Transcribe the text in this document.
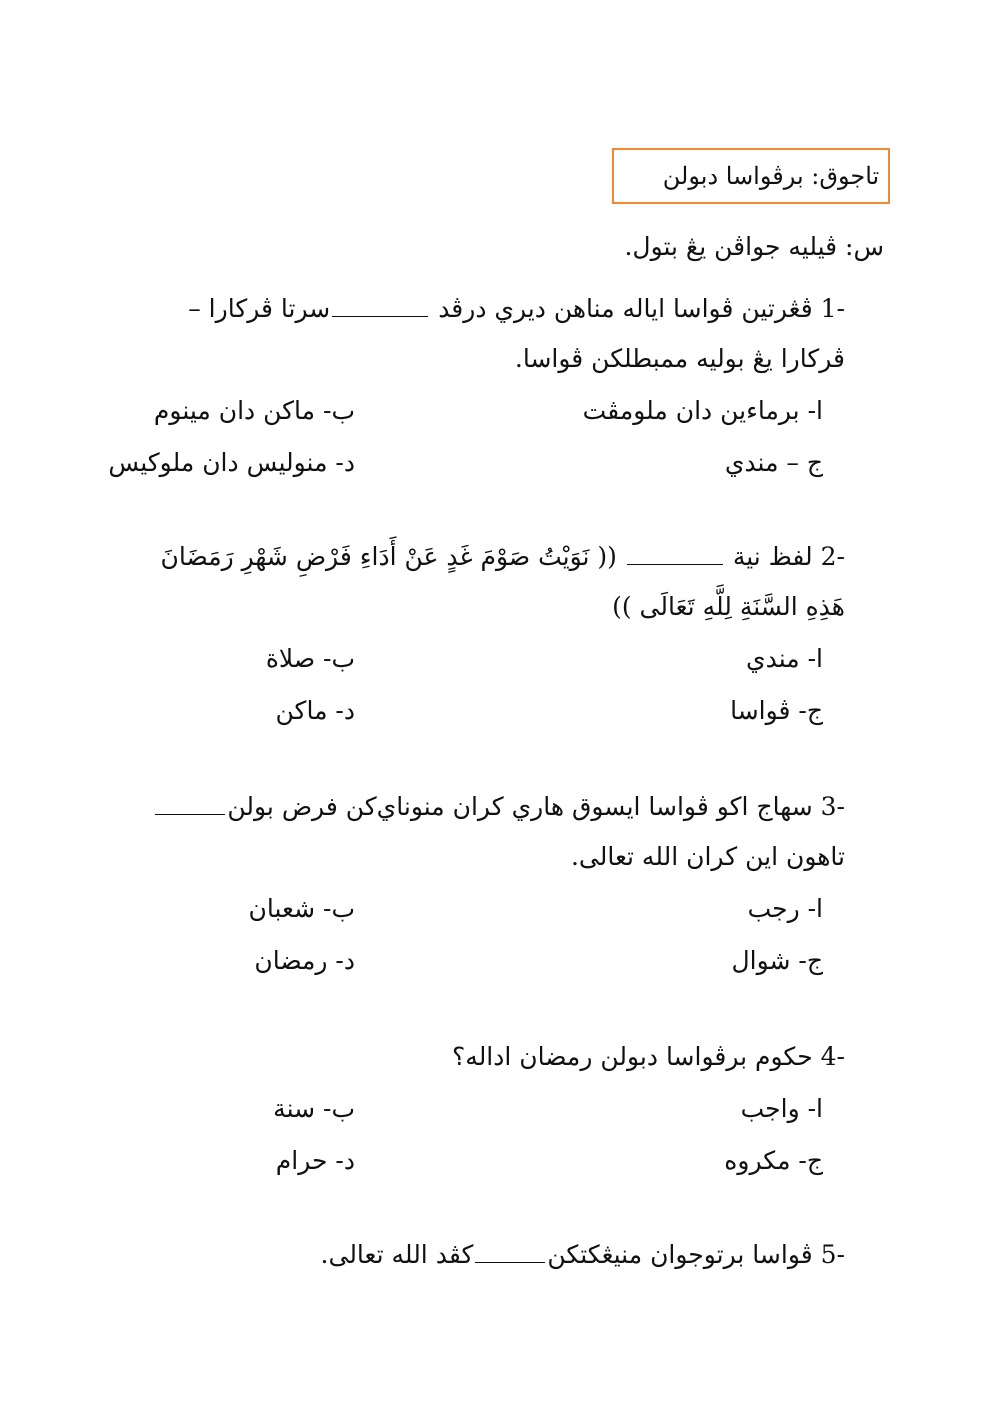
تاجوق: برڤواسا دبولن
س: ڤيليه جواڤن يڠ بتول.
-1 ڤڠرتين ڤواسا اياله مناهن ديري درڤد سرتا ڤركارا – ڤركارا يڠ بوليه ممبطلكن ڤواسا.
ا- برماءين دان ملومڤت
ب- ماكن دان مينوم
ج – مندي
د- منوليس دان ملوكيس
-2 لفظ نية  (( نَوَيْتُ صَوْمَ غَدٍ عَنْ أَدَاءِ فَرْضِ شَهْرِ رَمَضَانَ هَذِهِ السَّنَةِ لِلَّهِ تَعَالَى ))
ا- مندي
ب- صلاة
ج- ڤواسا
د- ماكن
-3 سهاج اكو ڤواسا ايسوق هاري كران منوناي‌كن فرض بولنتاهون اين كران الله تعالى.
ا- رجب
ب- شعبان
ج- شوال
د- رمضان
-4 حكوم برڤواسا دبولن رمضان اداله؟
ا- واجب
ب- سنة
ج- مكروه
د- حرام
-5 ڤواسا برتوجوان منيڠكتكنكڤد الله تعالى.
